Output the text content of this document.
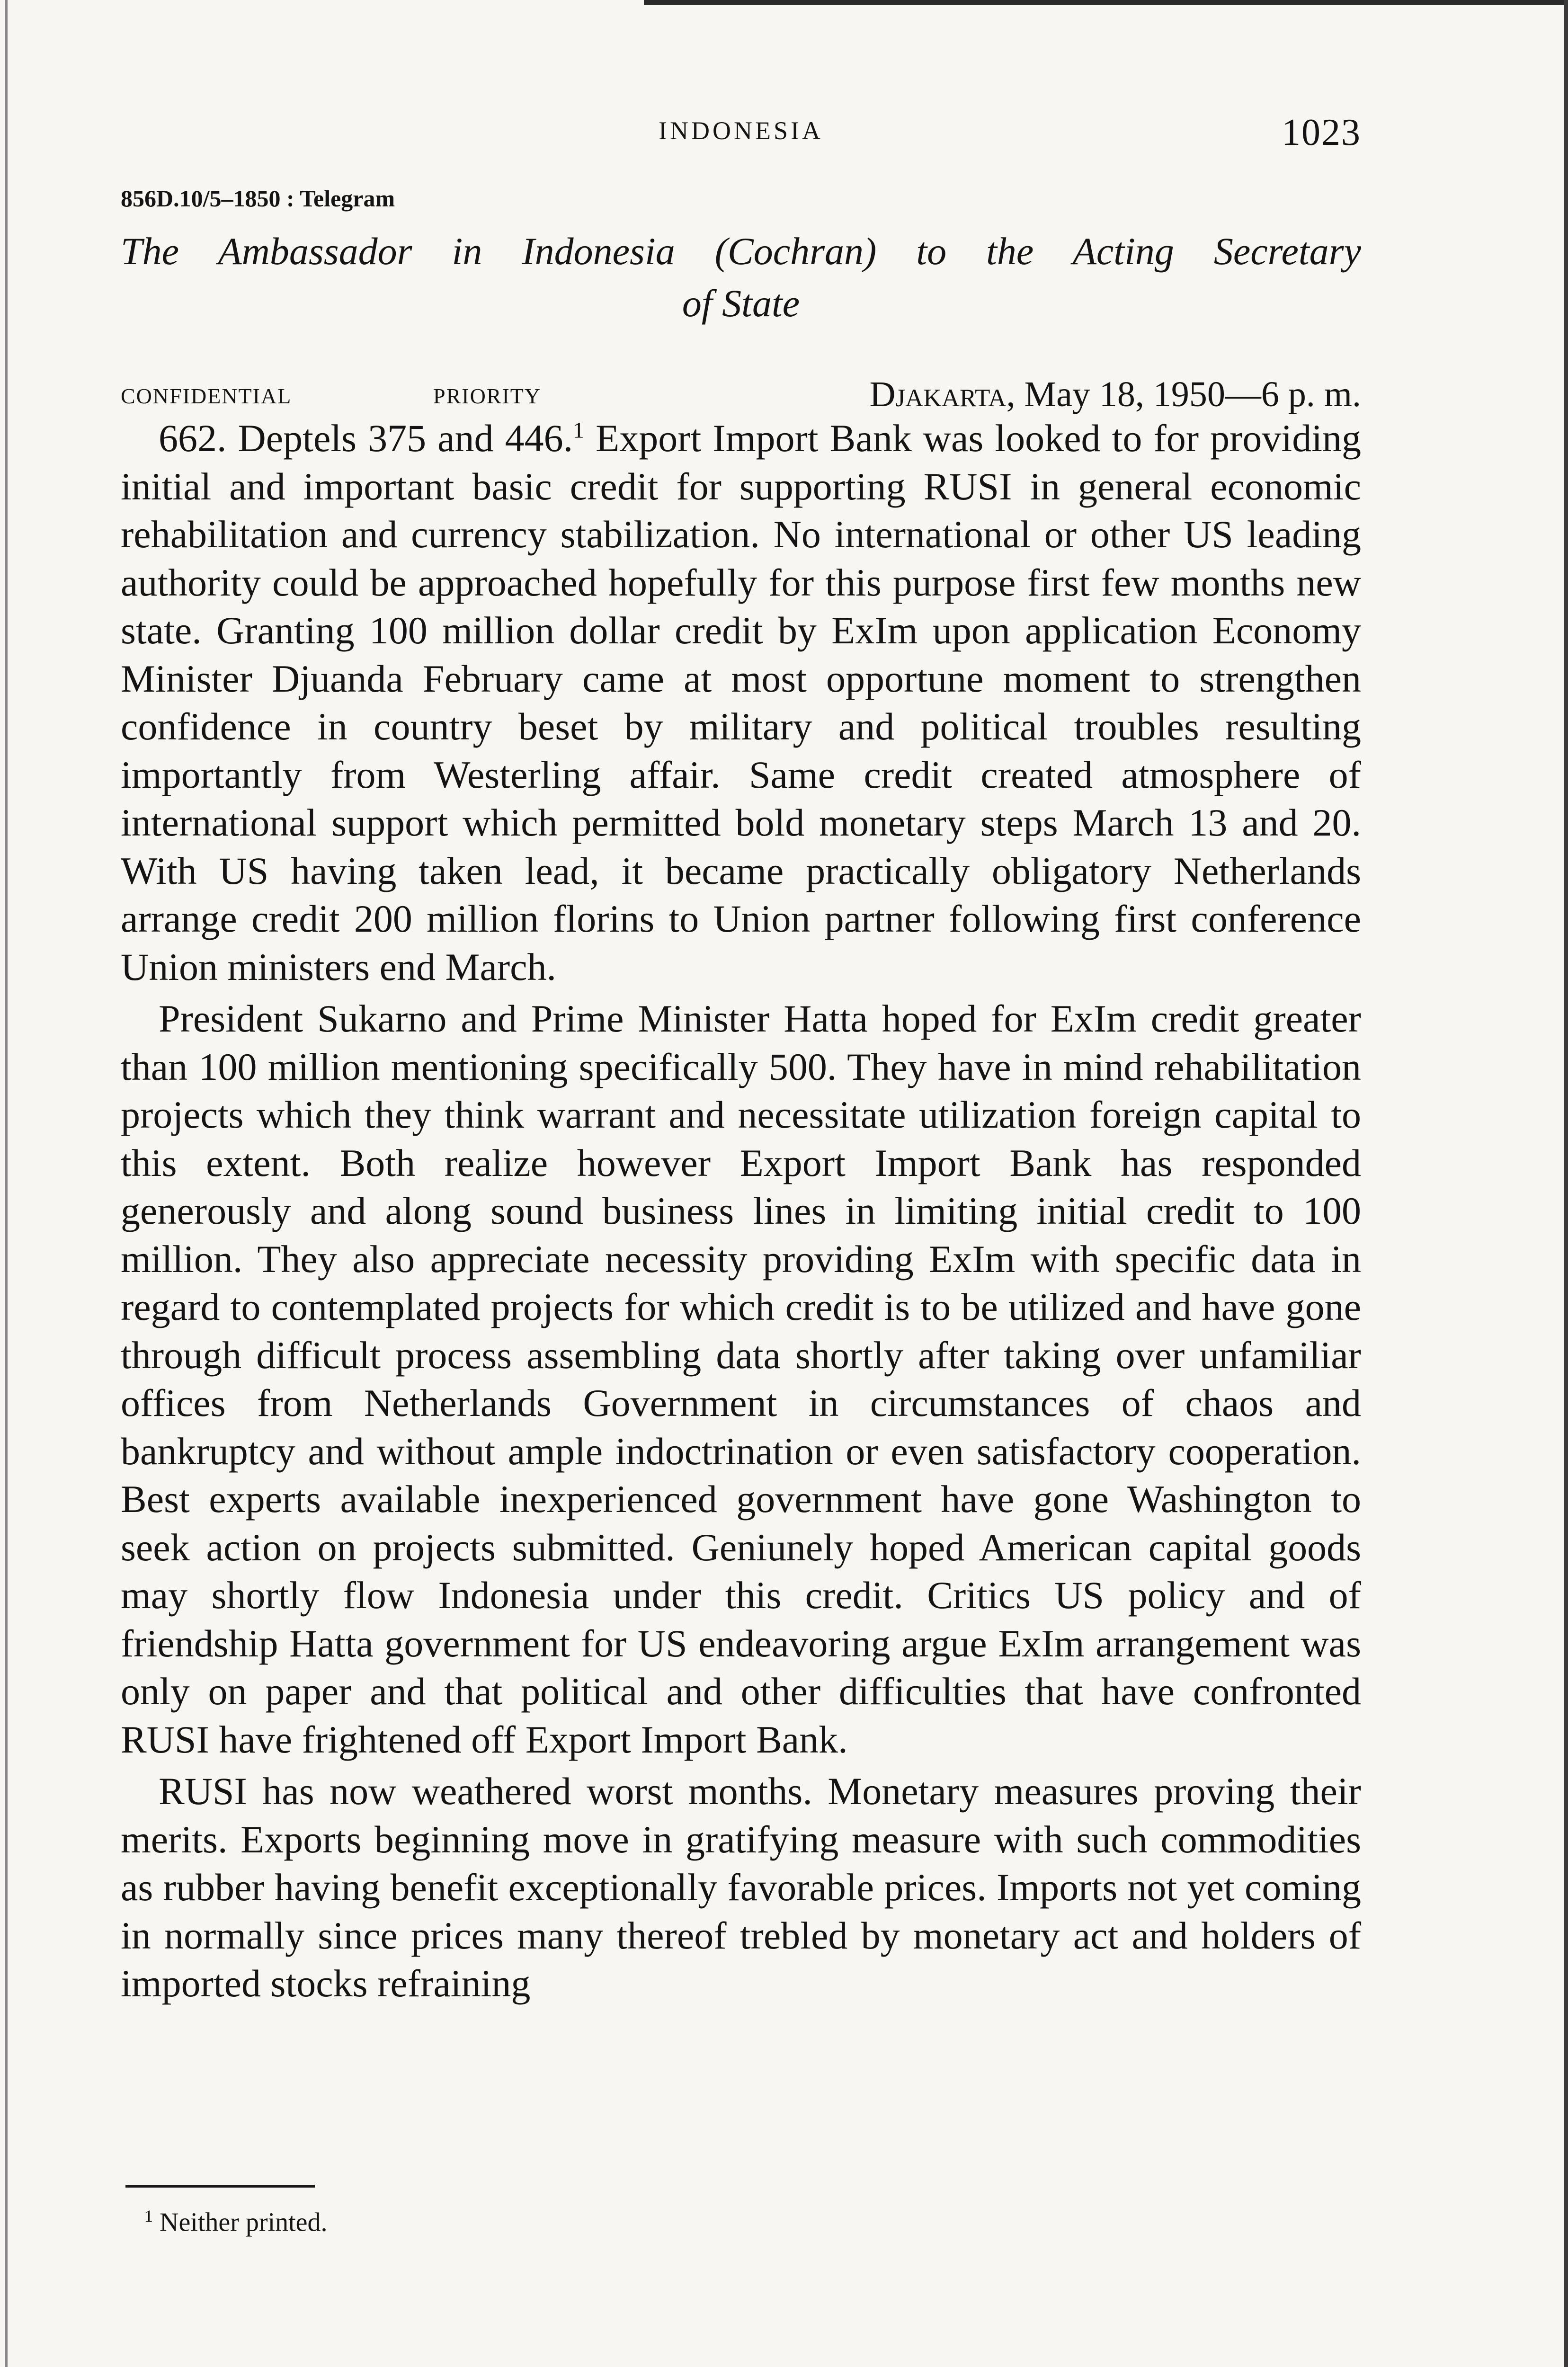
INDONESIA	1023
856D.10/5–1850 : Telegram
The Ambassador in Indonesia (Cochran) to the Acting Secretary
of State
CONFIDENTIAL	PRIORITY	Djakarta, May 18, 1950—6 p. m.

662. Deptels 375 and 446.$^1$ Export Import Bank was looked to for providing initial and important basic credit for supporting RUSI in general economic rehabilitation and currency stabilization. No international or other US leading authority could be approached hopefully for this purpose first few months new state. Granting 100 million dollar credit by ExIm upon application Economy Minister Djuanda February came at most opportune moment to strengthen confidence in country beset by military and political troubles resulting importantly from Westerling affair. Same credit created atmosphere of international support which permitted bold monetary steps March 13 and 20. With US having taken lead, it became practically obligatory Netherlands arrange credit 200 million florins to Union partner following first conference Union ministers end March.

President Sukarno and Prime Minister Hatta hoped for ExIm credit greater than 100 million mentioning specifically 500. They have in mind rehabilitation projects which they think warrant and necessitate utilization foreign capital to this extent. Both realize however Export Import Bank has responded generously and along sound business lines in limiting initial credit to 100 million. They also appreciate necessity providing ExIm with specific data in regard to contemplated projects for which credit is to be utilized and have gone through difficult process assembling data shortly after taking over unfamiliar offices from Netherlands Government in circumstances of chaos and bankruptcy and without ample indoctrination or even satisfactory cooperation. Best experts available inexperienced government have gone Washington to seek action on projects submitted. Geniunely hoped American capital goods may shortly flow Indonesia under this credit. Critics US policy and of friendship Hatta government for US endeavoring argue ExIm arrangement was only on paper and that political and other difficulties that have confronted RUSI have frightened off Export Import Bank.

RUSI has now weathered worst months. Monetary measures proving their merits. Exports beginning move in gratifying measure with such commodities as rubber having benefit exceptionally favorable prices. Imports not yet coming in normally since prices many thereof trebled by monetary act and holders of imported stocks refraining

$^1$ Neither printed.
